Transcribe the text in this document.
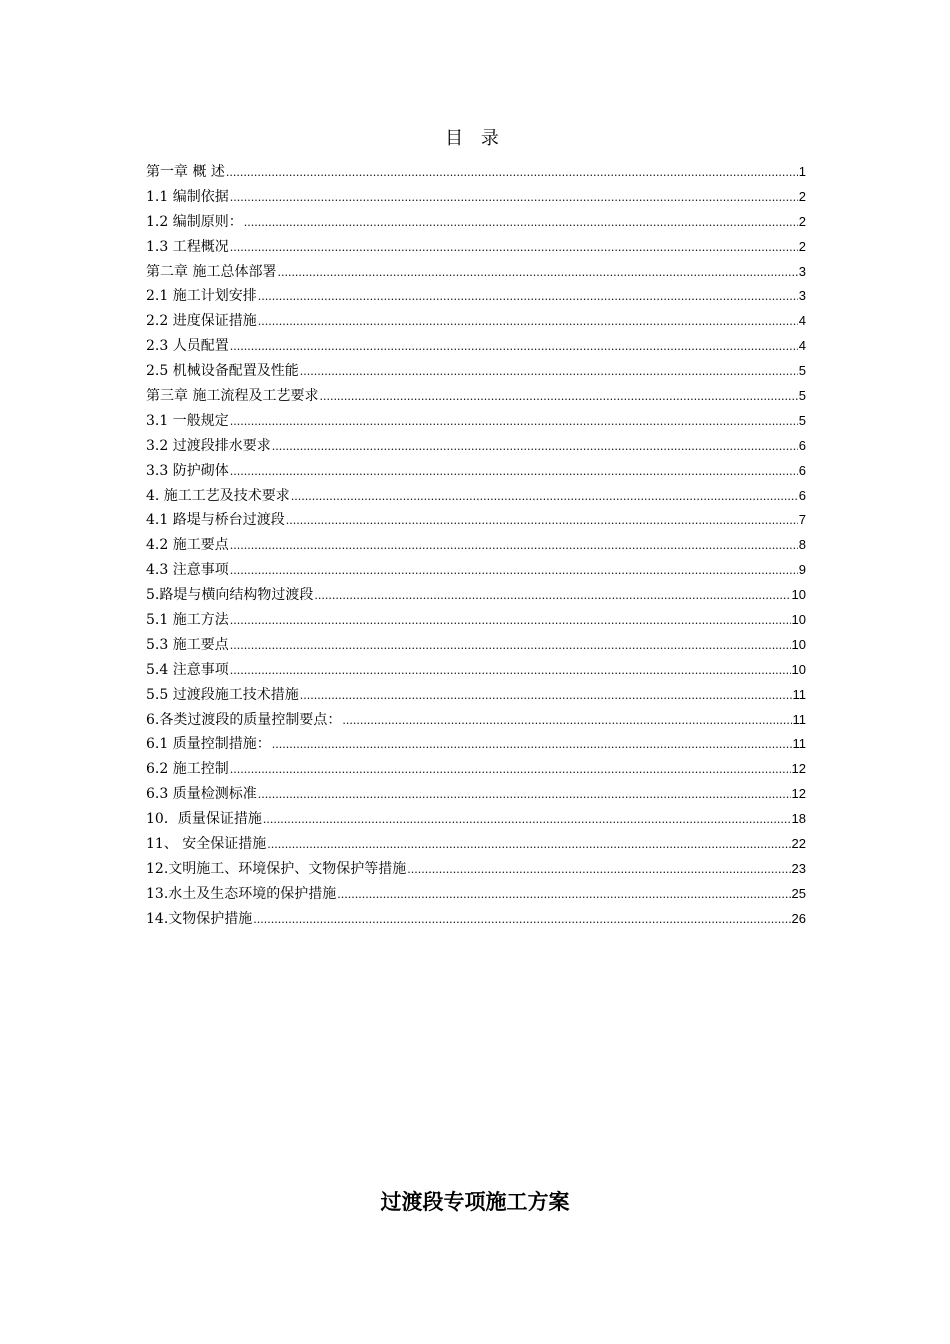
目 录
第一章 概 述 .....	1
1.1 编制依据 .....	2
1.2 编制原则： .....	2
1.3 工程概况 .....	2
第二章 施工总体部署 .....	3
2.1 施工计划安排 .....	3
2.2 进度保证措施 .....	4
2.3 人员配置 .....	4
2.5 机械设备配置及性能 .....	5
第三章 施工流程及工艺要求 .....	5
3.1 一般规定 .....	5
3.2 过渡段排水要求 .....	6
3.3 防护砌体 .....	6
4. 施工工艺及技术要求 .....	6
4.1 路堤与桥台过渡段 .....	7
4.2 施工要点 .....	8
4.3 注意事项 .....	9
5.路堤与横向结构物过渡段 .....	10
5.1 施工方法 .....	10
5.3 施工要点 .....	10
5.4 注意事项 .....	10
5.5 过渡段施工技术措施 .....	11
6.各类过渡段的质量控制要点： .....	11
6.1 质量控制措施： .....	11
6.2 施工控制 .....	12
6.3 质量检测标准 .....	12
10．质量保证措施 .....	18
11、 安全保证措施 .....	22
12.文明施工、环境保护、文物保护等措施 .....	23
13.水土及生态环境的保护措施 .....	25
14.文物保护措施 .....	26
过渡段专项施工方案
